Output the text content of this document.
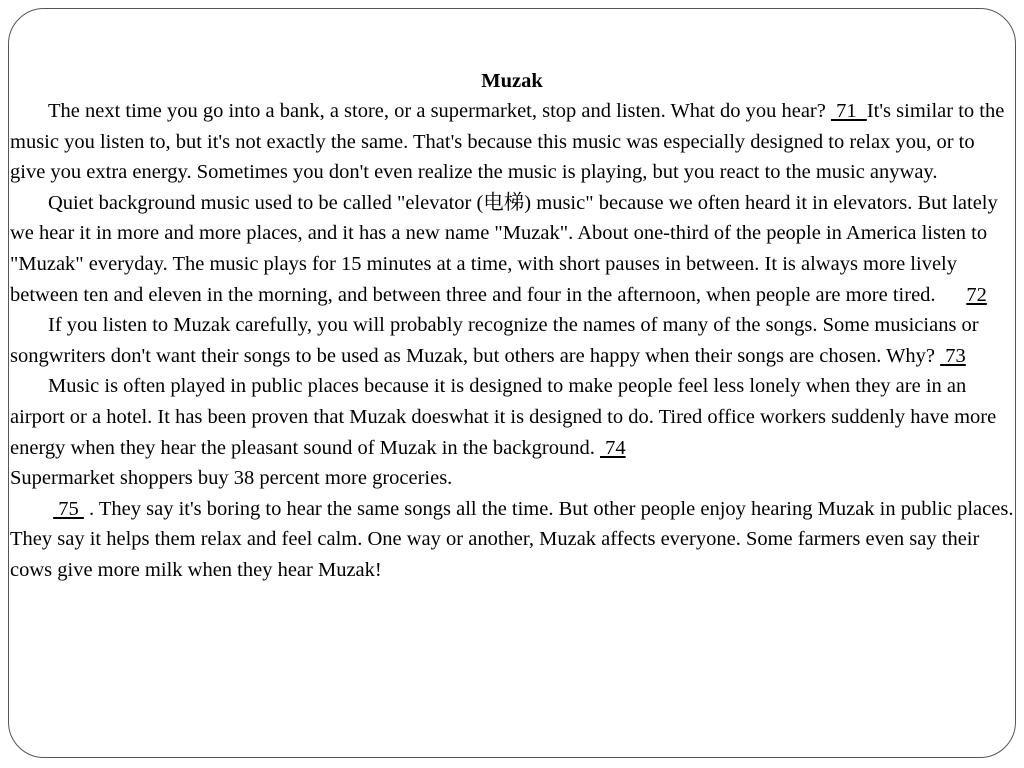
Muzak

The next time you go into a bank, a store, or a supermarket, stop and listen. What do you hear?  71  It's similar to the music you listen to, but it's not exactly the same. That's because this music was especially designed to relax you, or to give you extra energy. Sometimes you don't even realize the music is playing, but you react to the music anyway.

Quiet background music used to be called "elevator (电梯) music" because we often heard it in elevators. But lately we hear it in more and more places, and it has a new name "Muzak". About one-third of the people in America listen to "Muzak" everyday. The music plays for 15 minutes at a time, with short pauses in between. It is always more lively between ten and eleven in the morning, and between three and four in the afternoon, when people are more tired.      72

If you listen to Muzak carefully, you will probably recognize the names of many of the songs. Some musicians or songwriters don't want their songs to be used as Muzak, but others are happy when their songs are chosen. Why?  73

Music is often played in public places because it is designed to make people feel less lonely when they are in an airport or a hotel. It has been proven that Muzak doeswhat it is designed to do. Tired office workers suddenly have more energy when they hear the pleasant sound of Muzak in the background.  74
Supermarket shoppers buy 38 percent more groceries.

75  . They say it's boring to hear the same songs all the time. But other people enjoy hearing Muzak in public places. They say it helps them relax and feel calm. One way or another, Muzak affects everyone. Some farmers even say their cows give more milk when they hear Muzak!
